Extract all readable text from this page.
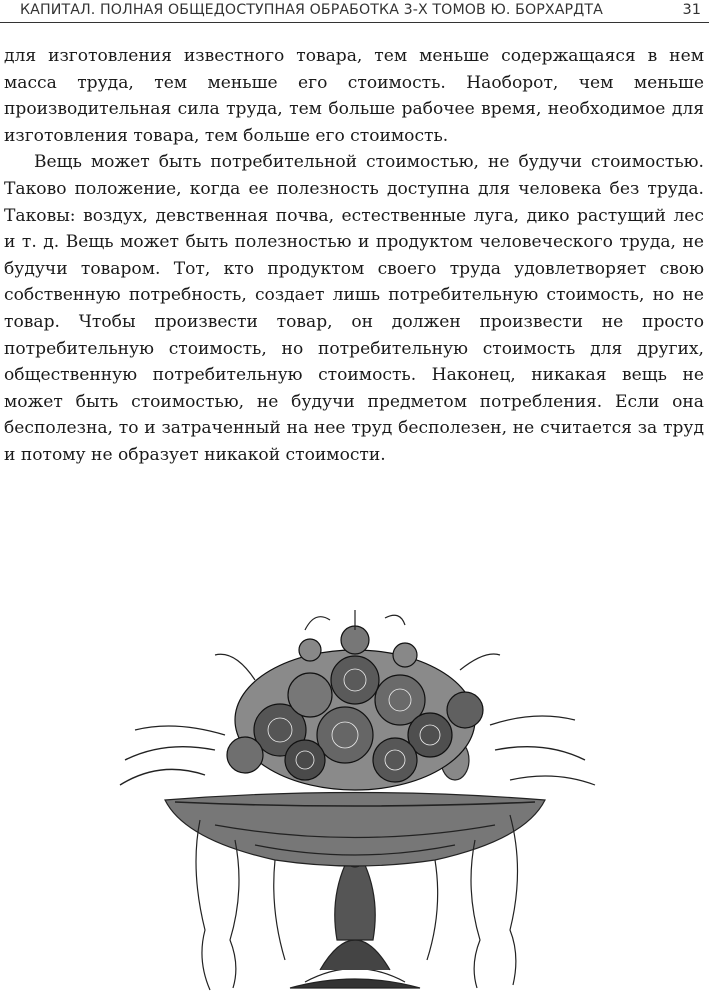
КАПИТАЛ. ПОЛНАЯ ОБЩЕДОСТУПНАЯ ОБРАБОТКА 3-Х ТОМОВ Ю. БОРХАРДТА	31

для изготовления известного товара, тем меньше содержащаяся в нем масса труда, тем меньше его стоимость. Наоборот, чем меньше производительная сила труда, тем больше рабочее время, необходимое для изготовления товара, тем больше его стоимость.

Вещь может быть потребительной стоимостью, не будучи стоимостью. Таково положение, когда ее полезность доступна для человека без труда. Таковы: воздух, девственная почва, естественные луга, дико растущий лес и т. д. Вещь может быть полезностью и продуктом человеческого труда, не будучи товаром. Тот, кто продуктом своего труда удовлетворяет свою собственную потребность, создает лишь потребительную стоимость, но не товар. Чтобы произвести товар, он должен произвести не просто потребительную стоимость, но потребительную стоимость для других, общественную потребительную стоимость. Наконец, никакая вещь не может быть стоимостью, не будучи предметом потребления. Если она бесполезна, то и затраченный на нее труд бесполезен, не считается за труд и потому не образует никакой стоимости.
